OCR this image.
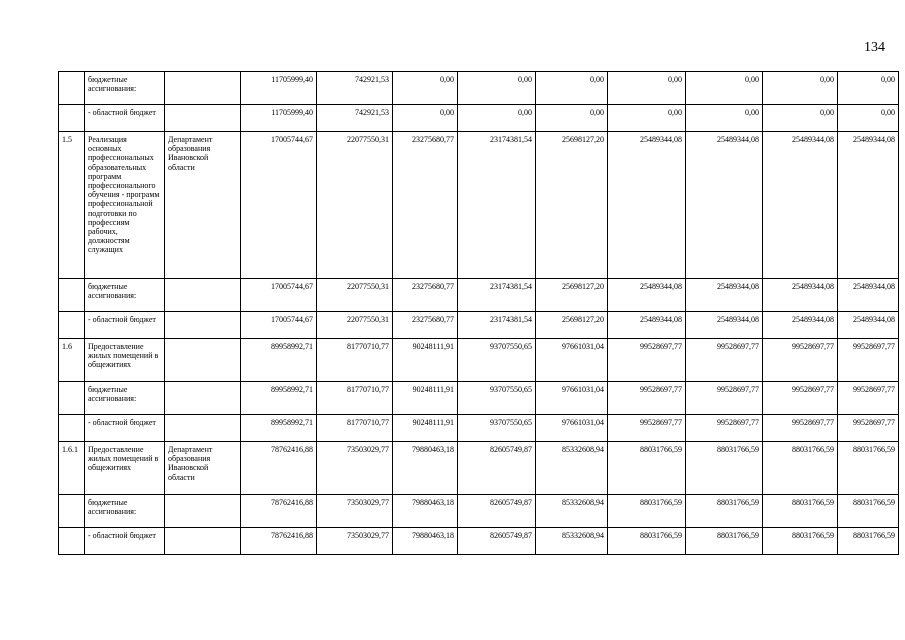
134
	бюджетные ассигнования:		11705999,40	742921,53	0,00	0,00	0,00	0,00	0,00	0,00	0,00
	- областной бюджет		11705999,40	742921,53	0,00	0,00	0,00	0,00	0,00	0,00	0,00
1.5	Реализация основных профессиональных образовательных программ профессионального обучения - программ профессиональной подготовки по профессиям рабочих, должностям служащих	Департамент образования Ивановской области	17005744,67	22077550,31	23275680,77	23174381,54	25698127,20	25489344,08	25489344,08	25489344,08	25489344,08
	бюджетные ассигнования:		17005744,67	22077550,31	23275680,77	23174381,54	25698127,20	25489344,08	25489344,08	25489344,08	25489344,08
	- областной бюджет		17005744,67	22077550,31	23275680,77	23174381,54	25698127,20	25489344,08	25489344,08	25489344,08	25489344,08
1.6	Предоставление жилых помещений в общежитиях		89958992,71	81770710,77	90248111,91	93707550,65	97661031,04	99528697,77	99528697,77	99528697,77	99528697,77
	бюджетные ассигнования:		89958992,71	81770710,77	90248111,91	93707550,65	97661031,04	99528697,77	99528697,77	99528697,77	99528697,77
	- областной бюджет		89958992,71	81770710,77	90248111,91	93707550,65	97661031,04	99528697,77	99528697,77	99528697,77	99528697,77
1.6.1	Предоставление жилых помещений в общежитиях	Департамент образования Ивановской области	78762416,88	73503029,77	79880463,18	82605749,87	85332608,94	88031766,59	88031766,59	88031766,59	88031766,59
	бюджетные ассигнования:		78762416,88	73503029,77	79880463,18	82605749,87	85332608,94	88031766,59	88031766,59	88031766,59	88031766,59
	- областной бюджет		78762416,88	73503029,77	79880463,18	82605749,87	85332608,94	88031766,59	88031766,59	88031766,59	88031766,59
